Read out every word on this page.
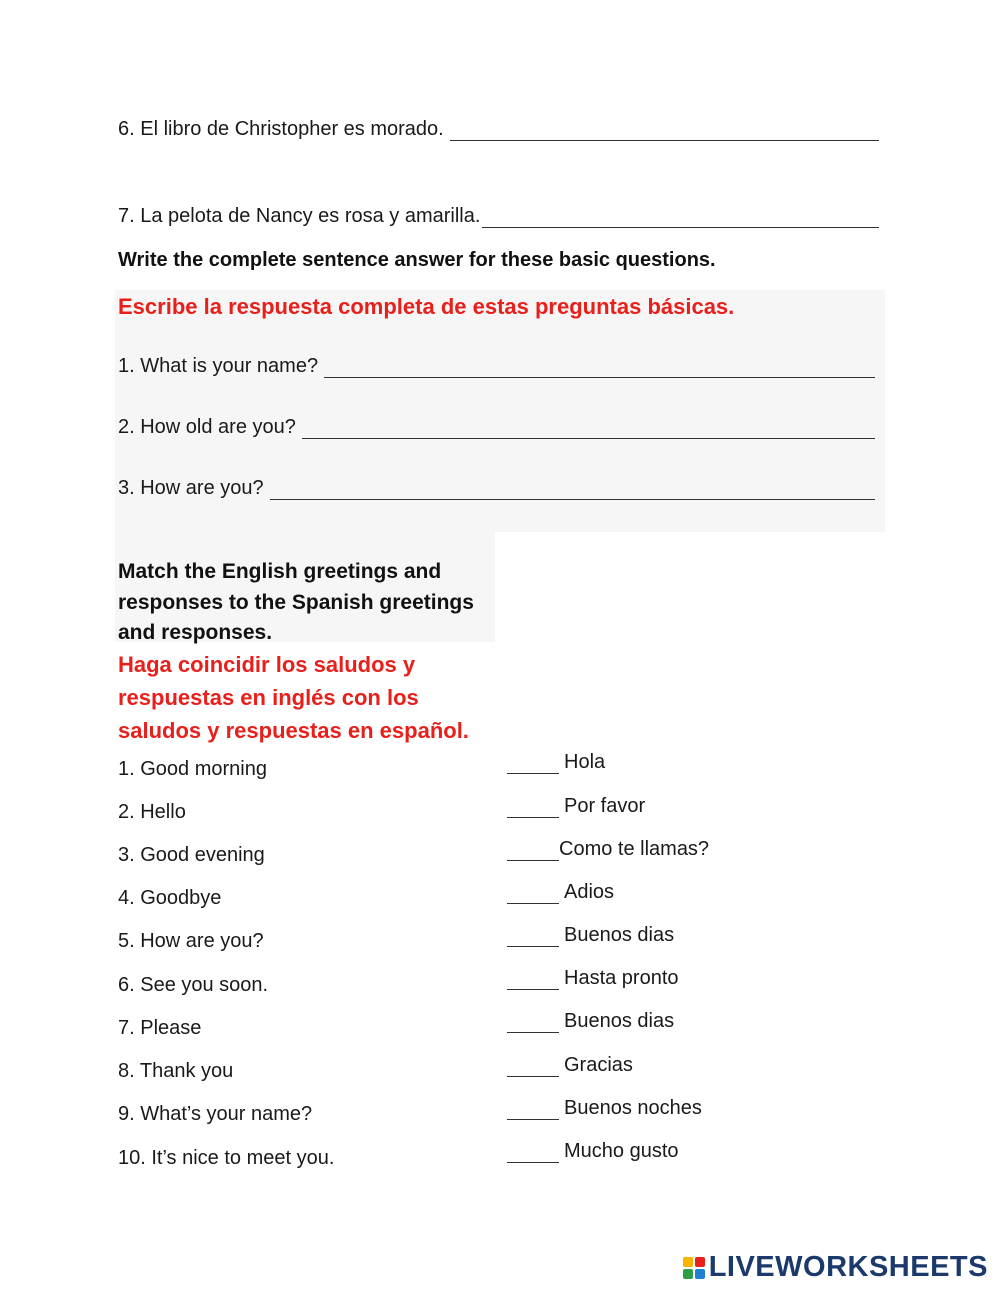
6. El libro de Christopher es morado.
7. La pelota de Nancy es rosa y amarilla.
Write the complete sentence answer for these basic questions.
Escribe la respuesta completa de estas preguntas básicas.
1. What is your name?
2. How old are you?
3. How are you?
Match the English greetings and
responses to the Spanish greetings
and responses.
Haga coincidir los saludos y
respuestas en inglés con los
saludos y respuestas en español.
1. Good morning
2. Hello
3. Good evening
4. Goodbye
5. How are you?
6. See you soon.
7. Please
8. Thank you
9. What’s your name?
10. It’s nice to meet you.
Hola
Por favor
Como te llamas?
Adios
Buenos dias
Hasta pronto
Buenos dias
Gracias
Buenos noches
Mucho gusto
LIVEWORKSHEETS
